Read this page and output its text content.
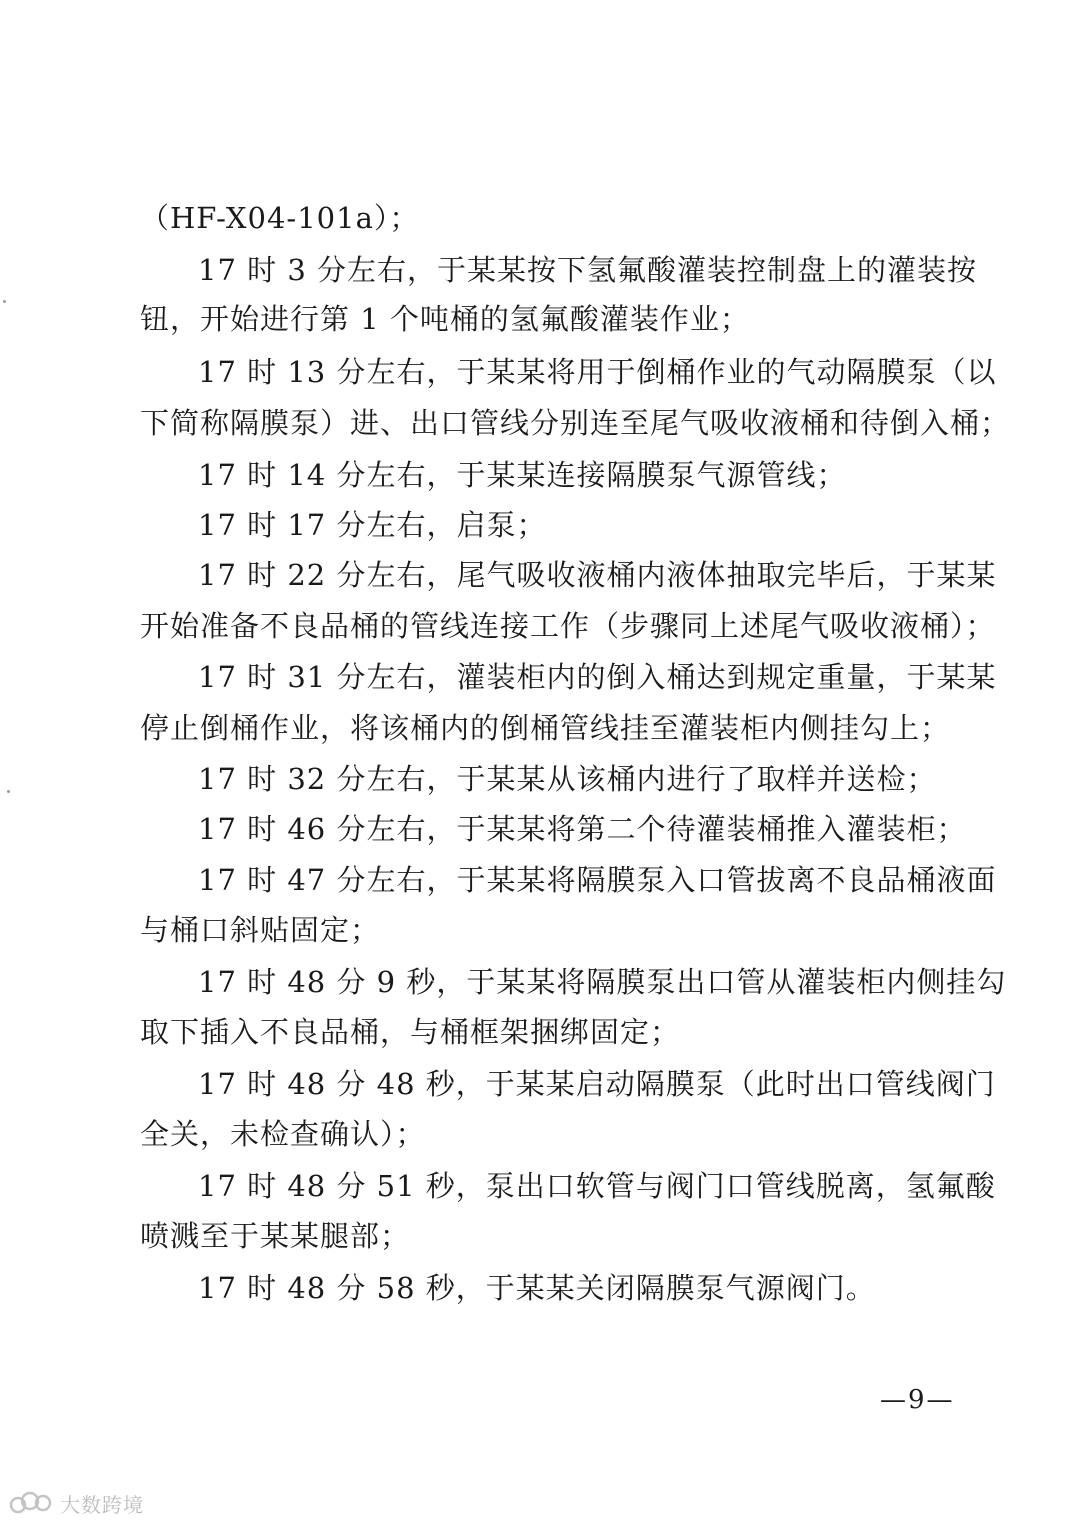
（HF-X04-101a）；
17 时 3 分左右，于某某按下氢氟酸灌装控制盘上的灌装按
钮，开始进行第 1 个吨桶的氢氟酸灌装作业；
17 时 13 分左右，于某某将用于倒桶作业的气动隔膜泵（以
下简称隔膜泵）进、出口管线分别连至尾气吸收液桶和待倒入桶；
17 时 14 分左右，于某某连接隔膜泵气源管线；
17 时 17 分左右，启泵；
17 时 22 分左右，尾气吸收液桶内液体抽取完毕后，于某某
开始准备不良品桶的管线连接工作（步骤同上述尾气吸收液桶）；
17 时 31 分左右，灌装柜内的倒入桶达到规定重量，于某某
停止倒桶作业，将该桶内的倒桶管线挂至灌装柜内侧挂勾上；
17 时 32 分左右，于某某从该桶内进行了取样并送检；
17 时 46 分左右，于某某将第二个待灌装桶推入灌装柜；
17 时 47 分左右，于某某将隔膜泵入口管拔离不良品桶液面
与桶口斜贴固定；
17 时 48 分 9 秒，于某某将隔膜泵出口管从灌装柜内侧挂勾
取下插入不良品桶，与桶框架捆绑固定；
17 时 48 分 48 秒，于某某启动隔膜泵（此时出口管线阀门
全关，未检查确认）；
17 时 48 分 51 秒，泵出口软管与阀门口管线脱离，氢氟酸
喷溅至于某某腿部；
17 时 48 分 58 秒，于某某关闭隔膜泵气源阀门。
—9—
大数跨境
